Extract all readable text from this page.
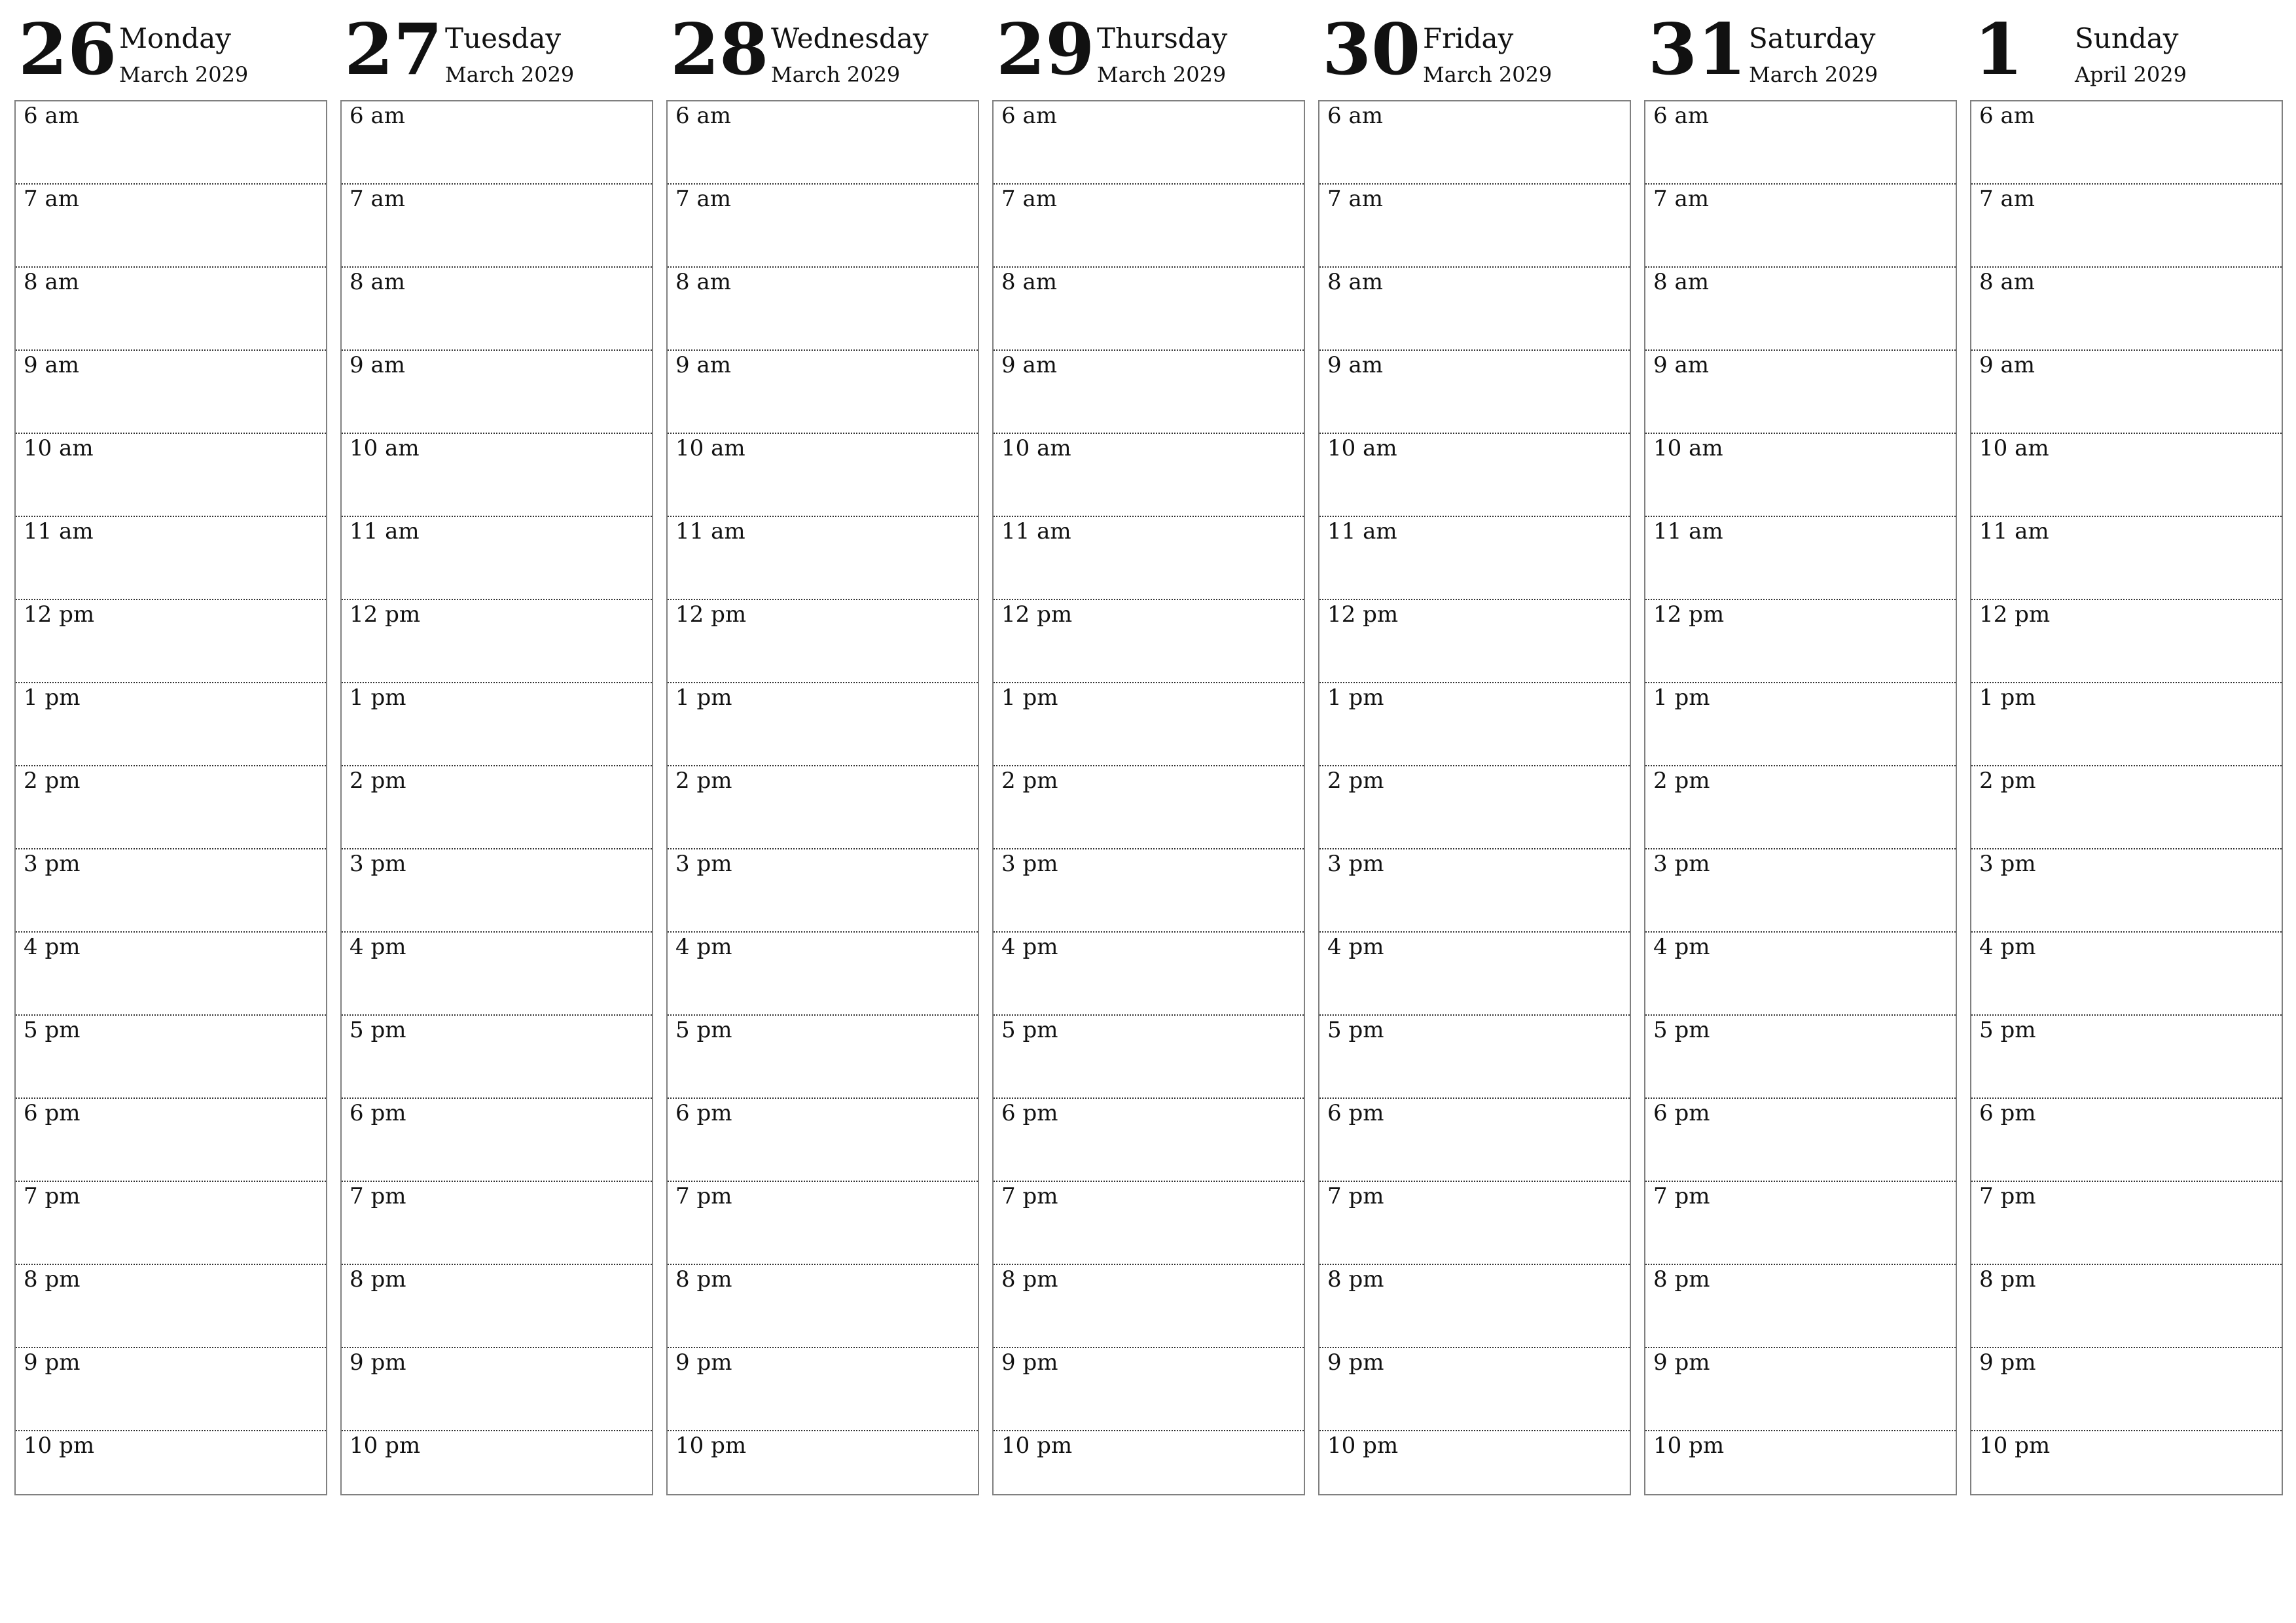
26 Monday
March 2029
6 am
7 am
8 am
9 am
10 am
11 am
12 pm
1 pm
2 pm
3 pm
4 pm
5 pm
6 pm
7 pm
8 pm
9 pm
10 pm
27 Tuesday
March 2029
6 am
7 am
8 am
9 am
10 am
11 am
12 pm
1 pm
2 pm
3 pm
4 pm
5 pm
6 pm
7 pm
8 pm
9 pm
10 pm
28 Wednesday
March 2029
6 am
7 am
8 am
9 am
10 am
11 am
12 pm
1 pm
2 pm
3 pm
4 pm
5 pm
6 pm
7 pm
8 pm
9 pm
10 pm
29 Thursday
March 2029
6 am
7 am
8 am
9 am
10 am
11 am
12 pm
1 pm
2 pm
3 pm
4 pm
5 pm
6 pm
7 pm
8 pm
9 pm
10 pm
30 Friday
March 2029
6 am
7 am
8 am
9 am
10 am
11 am
12 pm
1 pm
2 pm
3 pm
4 pm
5 pm
6 pm
7 pm
8 pm
9 pm
10 pm
31 Saturday
March 2029
6 am
7 am
8 am
9 am
10 am
11 am
12 pm
1 pm
2 pm
3 pm
4 pm
5 pm
6 pm
7 pm
8 pm
9 pm
10 pm
1 Sunday
April 2029
6 am
7 am
8 am
9 am
10 am
11 am
12 pm
1 pm
2 pm
3 pm
4 pm
5 pm
6 pm
7 pm
8 pm
9 pm
10 pm
